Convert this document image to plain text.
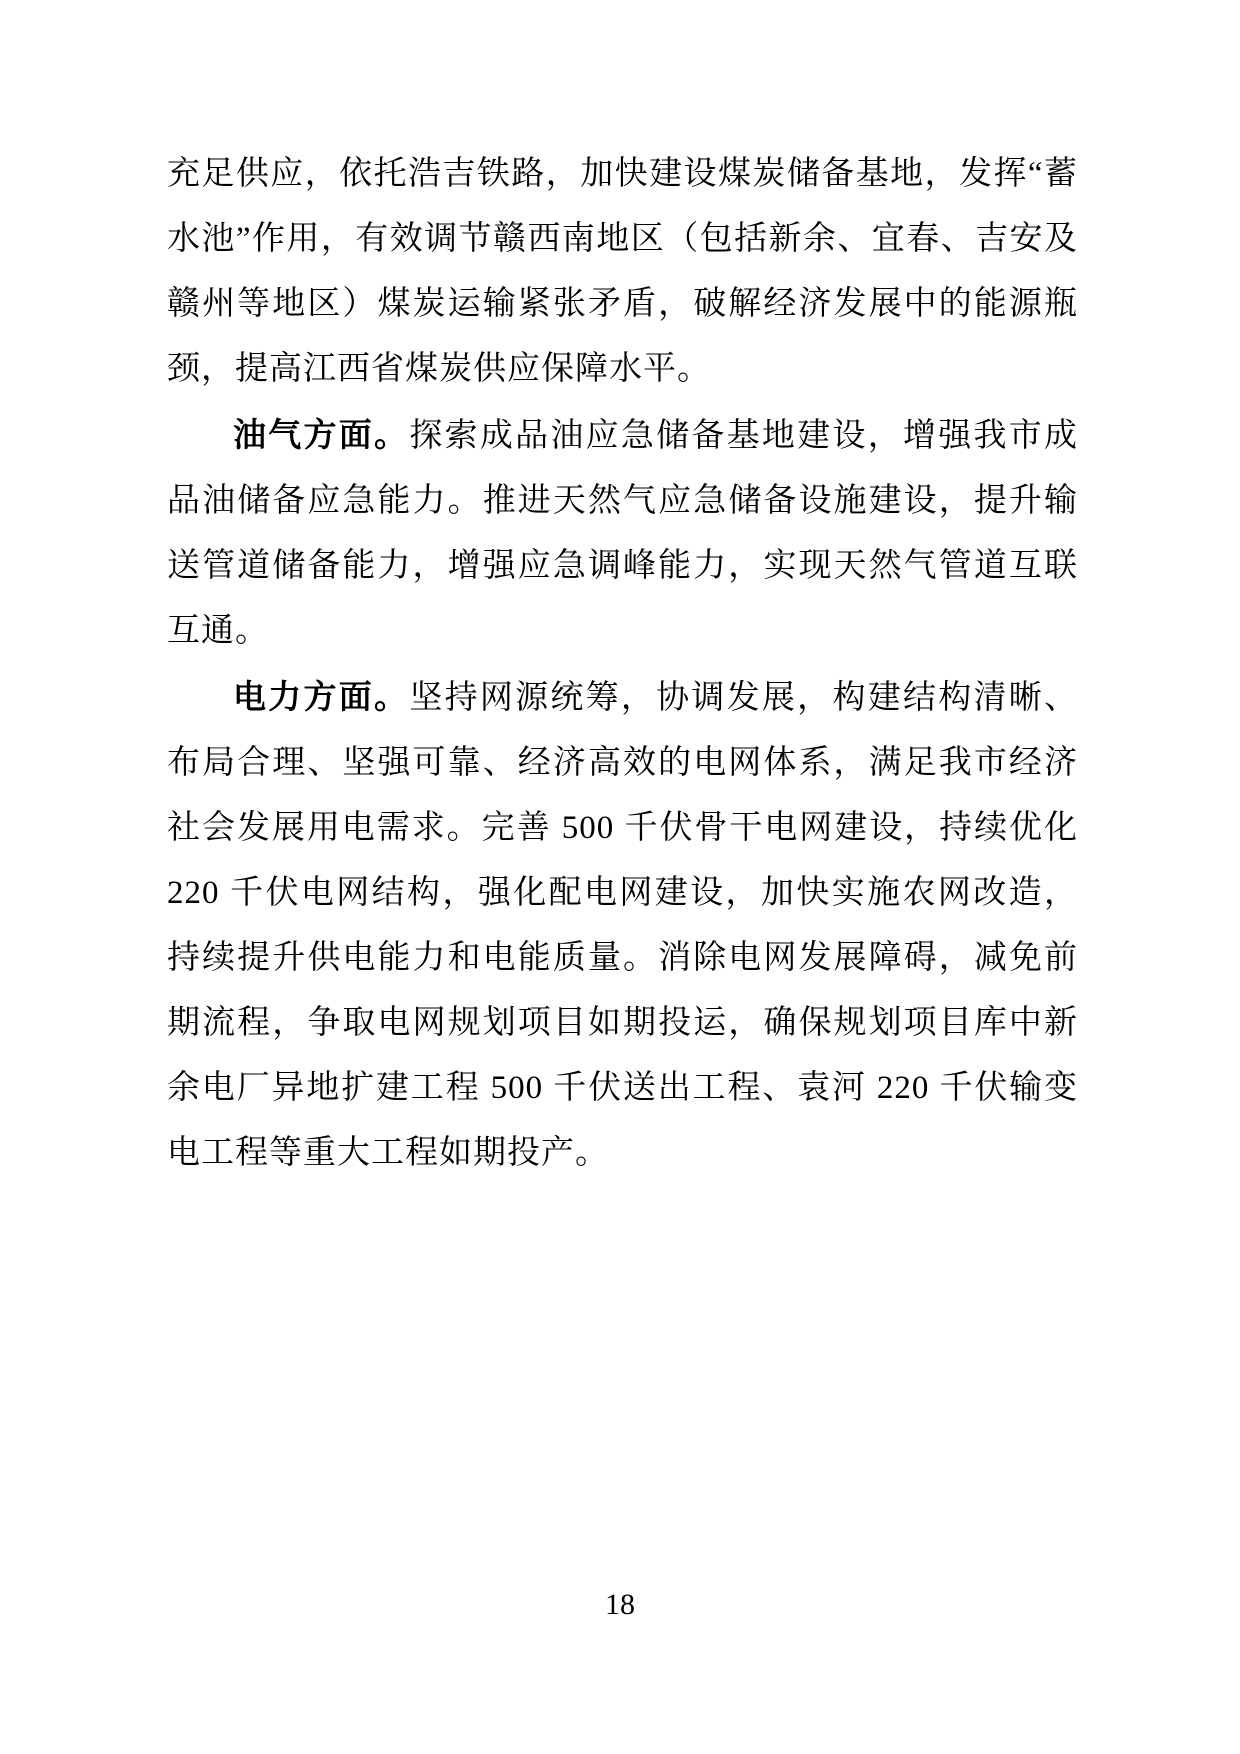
充足供应，依托浩吉铁路，加快建设煤炭储备基地，发挥“蓄水池”作用，有效调节赣西南地区（包括新余、宜春、吉安及赣州等地区）煤炭运输紧张矛盾，破解经济发展中的能源瓶颈，提高江西省煤炭供应保障水平。

油气方面。探索成品油应急储备基地建设，增强我市成品油储备应急能力。推进天然气应急储备设施建设，提升输送管道储备能力，增强应急调峰能力，实现天然气管道互联互通。

电力方面。坚持网源统筹，协调发展，构建结构清晰、布局合理、坚强可靠、经济高效的电网体系，满足我市经济社会发展用电需求。完善 500 千伏骨干电网建设，持续优化 220 千伏电网结构，强化配电网建设，加快实施农网改造，持续提升供电能力和电能质量。消除电网发展障碍，减免前期流程，争取电网规划项目如期投运，确保规划项目库中新余电厂异地扩建工程 500 千伏送出工程、袁河 220 千伏输变电工程等重大工程如期投产。

18
